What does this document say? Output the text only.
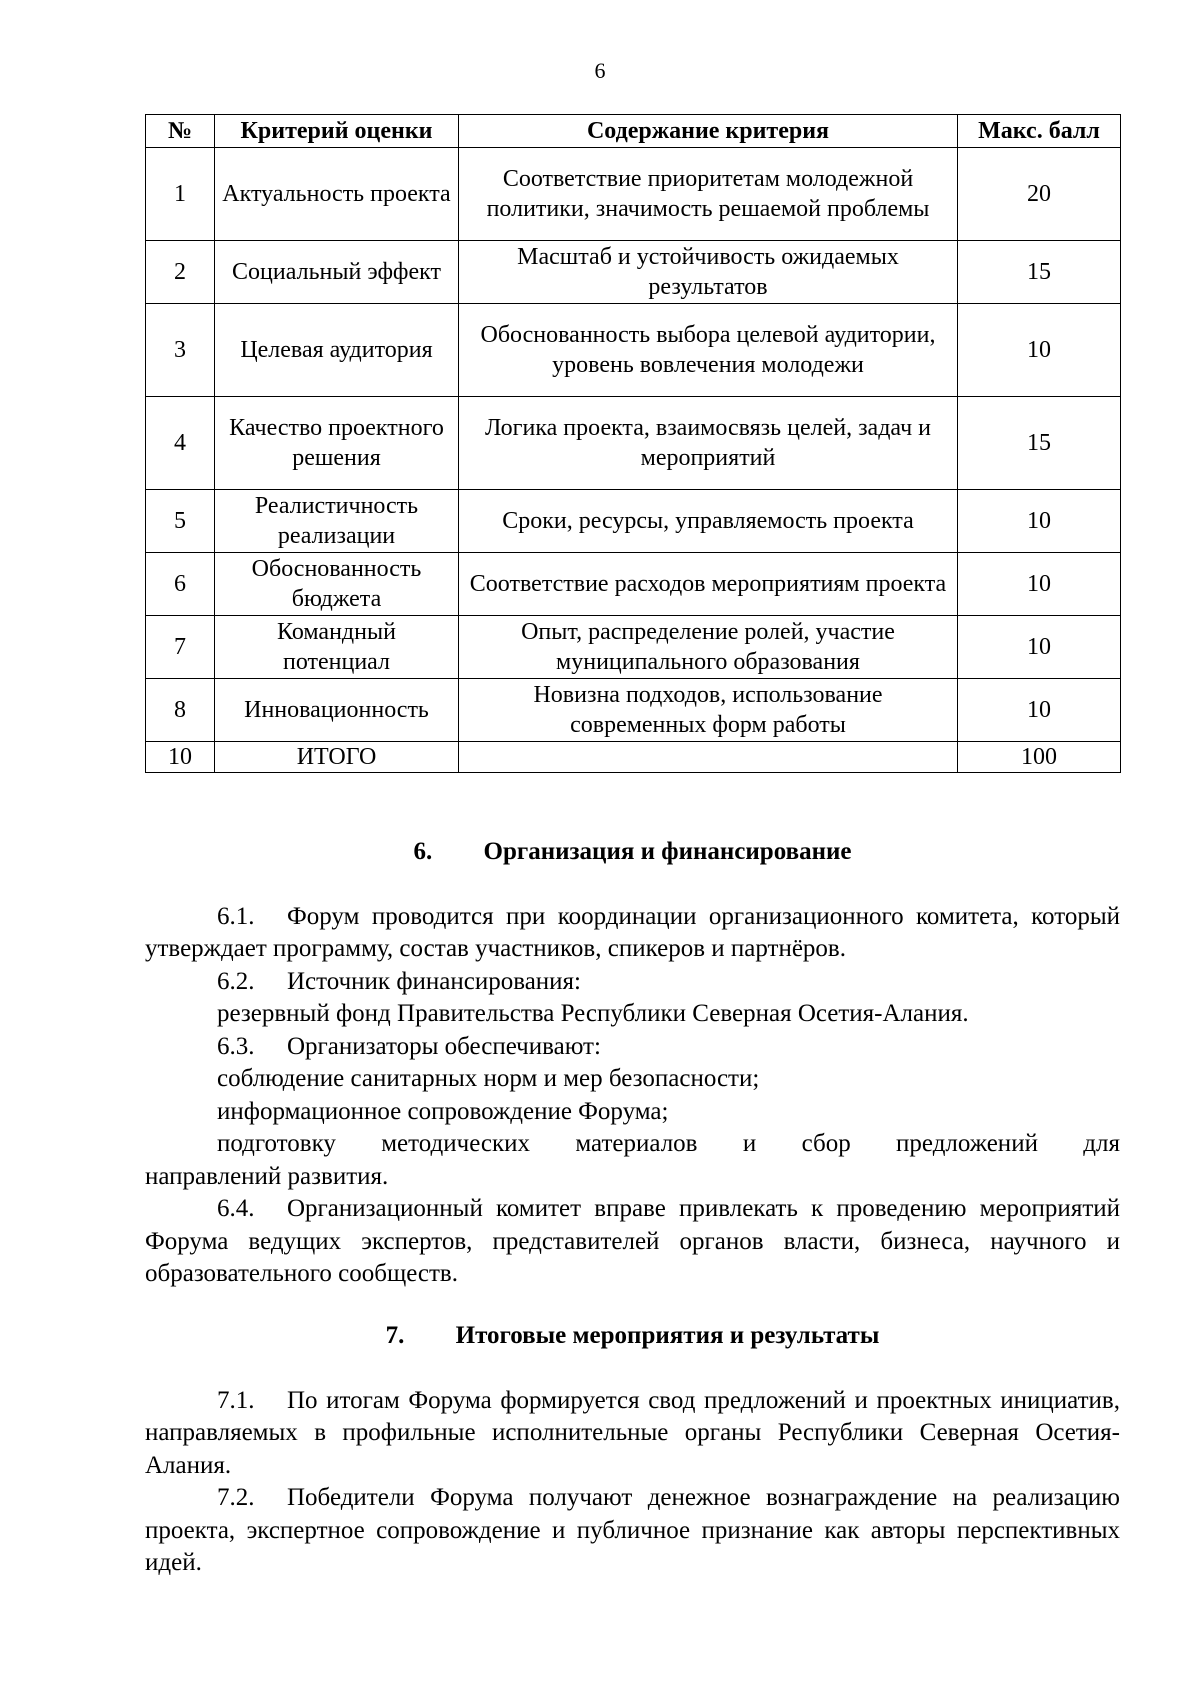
6
№	Критерий оценки	Содержание критерия	Макс. балл
1	Актуальность проекта	Соответствие приоритетам молодежной политики, значимость решаемой проблемы	20
2	Социальный эффект	Масштаб и устойчивость ожидаемых результатов	15
3	Целевая аудитория	Обоснованность выбора целевой аудитории, уровень вовлечения молодежи	10
4	Качество проектного решения	Логика проекта, взаимосвязь целей, задач и мероприятий	15
5	Реалистичность реализации	Сроки, ресурсы, управляемость проекта	10
6	Обоснованность бюджета	Соответствие расходов мероприятиям проекта	10
7	Командный потенциал	Опыт, распределение ролей, участие муниципального образования	10
8	Инновационность	Новизна подходов, использование современных форм работы	10
10	ИТОГО		100

6. Организация и финансирование

6.1. Форум проводится при координации организационного комитета, который утверждает программу, состав участников, спикеров и партнёров.

6.2. Источник финансирования:

резервный фонд Правительства Республики Северная Осетия-Алания.

6.3. Организаторы обеспечивают:

соблюдение санитарных норм и мер безопасности;

информационное сопровождение Форума;

подготовку методических материалов и сбор предложений для

направлений развития.

6.4. Организационный комитет вправе привлекать к проведению мероприятий Форума ведущих экспертов, представителей органов власти, бизнеса, научного и образовательного сообществ.

7. Итоговые мероприятия и результаты

7.1. По итогам Форума формируется свод предложений и проектных инициатив, направляемых в профильные исполнительные органы Республики Северная Осетия-Алания.

7.2. Победители Форума получают денежное вознаграждение на реализацию проекта, экспертное сопровождение и публичное признание как авторы перспективных идей.
